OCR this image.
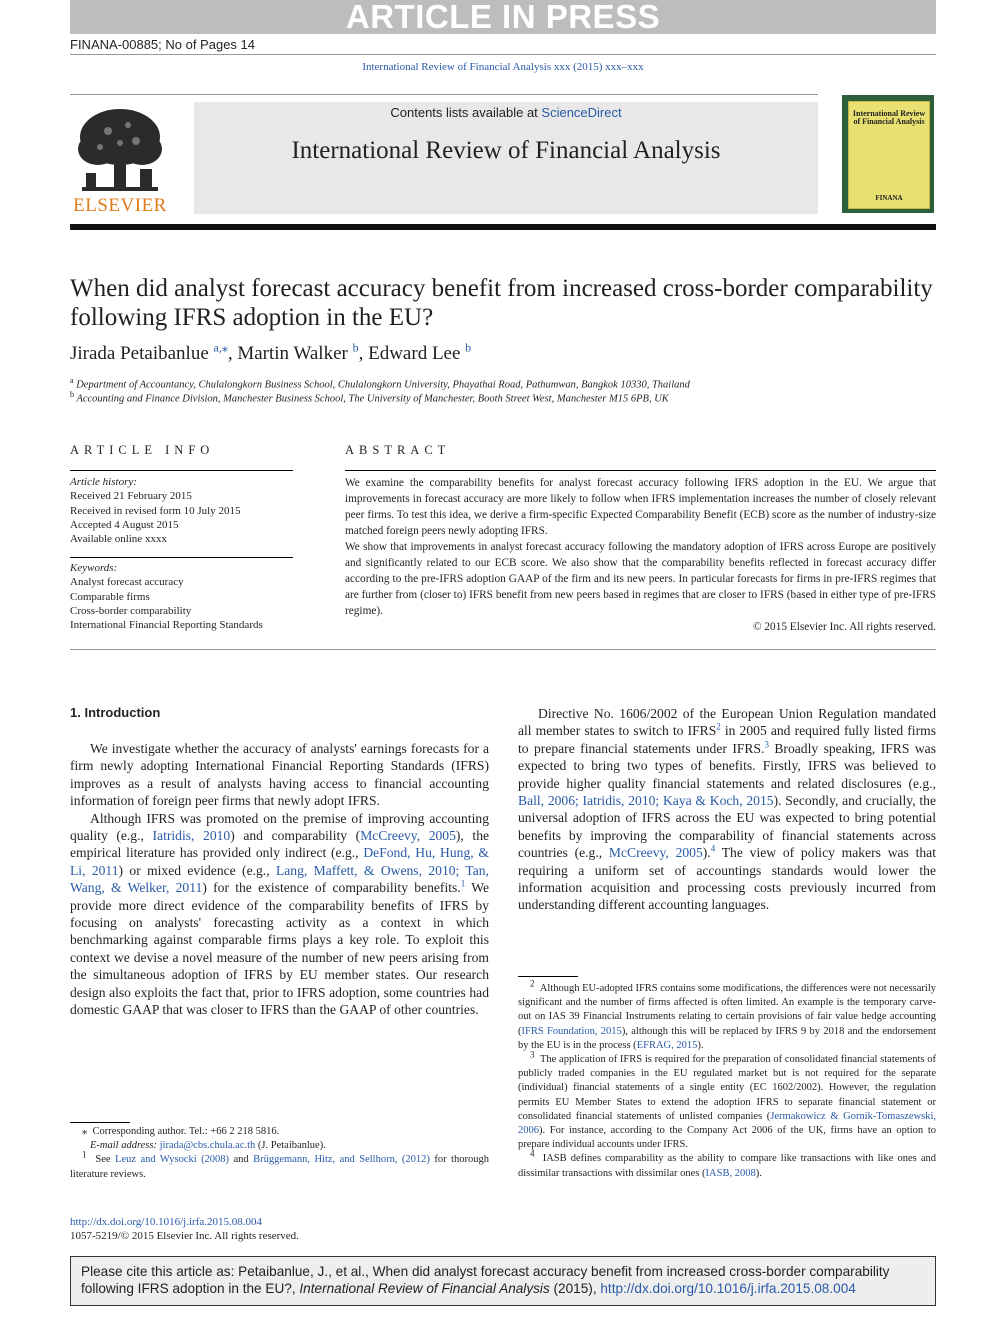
ARTICLE IN PRESS
FINANA-00885; No of Pages 14
International Review of Financial Analysis xxx (2015) xxx–xxx
ELSEVIER
Contents lists available at ScienceDirect
International Review of Financial Analysis
International Review of Financial Analysis
FINANA
When did analyst forecast accuracy benefit from increased cross-border comparability following IFRS adoption in the EU?
Jirada Petaibanlue $^{a,⁎}$, Martin Walker $^b$, Edward Lee $^b$
$^a$ Department of Accountancy, Chulalongkorn Business School, Chulalongkorn University, Phayathai Road, Pathumwan, Bangkok 10330, Thailand
$^b$ Accounting and Finance Division, Manchester Business School, The University of Manchester, Booth Street West, Manchester M15 6PB, UK
ARTICLE INFO	ABSTRACT
Article history:
Received 21 February 2015
Received in revised form 10 July 2015
Accepted 4 August 2015
Available online xxxx
Keywords:
Analyst forecast accuracy
Comparable firms
Cross-border comparability
International Financial Reporting Standards

We examine the comparability benefits for analyst forecast accuracy following IFRS adoption in the EU. We argue that improvements in forecast accuracy are more likely to follow when IFRS implementation increases the number of closely relevant peer firms. To test this idea, we derive a firm-specific Expected Comparability Benefit (ECB) score as the number of industry-size matched foreign peers newly adopting IFRS.

We show that improvements in analyst forecast accuracy following the mandatory adoption of IFRS across Europe are positively and significantly related to our ECB score. We also show that the comparability benefits reflected in forecast accuracy differ according to the pre-IFRS adoption GAAP of the firm and its new peers. In particular forecasts for firms in pre-IFRS regimes that are further from (closer to) IFRS benefit from new peers based in regimes that are closer to IFRS (based in either type of pre-IFRS regime).

© 2015 Elsevier Inc. All rights reserved.

1. Introduction

We investigate whether the accuracy of analysts' earnings forecasts for a firm newly adopting International Financial Reporting Standards (IFRS) improves as a result of analysts having access to financial accounting information of foreign peer firms that newly adopt IFRS.

Although IFRS was promoted on the premise of improving accounting quality (e.g., Iatridis, 2010) and comparability (McCreevy, 2005), the empirical literature has provided only indirect (e.g., DeFond, Hu, Hung, & Li, 2011) or mixed evidence (e.g., Lang, Maffett, & Owens, 2010; Tan, Wang, & Welker, 2011) for the existence of comparability benefits.$^1$ We provide more direct evidence of the comparability benefits of IFRS by focusing on analysts' forecasting activity as a context in which benchmarking against comparable firms plays a key role. To exploit this context we devise a novel measure of the number of new peers arising from the simultaneous adoption of IFRS by EU member states. Our research design also exploits the fact that, prior to IFRS adoption, some countries had domestic GAAP that was closer to IFRS than the GAAP of other countries.

Directive No. 1606/2002 of the European Union Regulation mandated all member states to switch to IFRS$^2$ in 2005 and required fully listed firms to prepare financial statements under IFRS.$^3$ Broadly speaking, IFRS was expected to bring two types of benefits. Firstly, IFRS was believed to provide higher quality financial statements and related disclosures (e.g., Ball, 2006; Iatridis, 2010; Kaya & Koch, 2015). Secondly, and crucially, the universal adoption of IFRS across the EU was expected to bring potential benefits by improving the comparability of financial statements across countries (e.g., McCreevy, 2005).$^4$ The view of policy makers was that requiring a uniform set of accountings standards would lower the information acquisition and processing costs previously incurred from understanding different accounting languages.

⁎ Corresponding author. Tel.: +66 2 218 5816.

E-mail address: jirada@cbs.chula.ac.th (J. Petaibanlue).

$^1$ See Leuz and Wysocki (2008) and Brüggemann, Hitz, and Sellhorn, (2012) for thorough literature reviews.

$^2$ Although EU-adopted IFRS contains some modifications, the differences were not necessarily significant and the number of firms affected is often limited. An example is the temporary carve-out on IAS 39 Financial Instruments relating to certain provisions of fair value hedge accounting (IFRS Foundation, 2015), although this will be replaced by IFRS 9 by 2018 and the endorsement by the EU is in the process (EFRAG, 2015).

$^3$ The application of IFRS is required for the preparation of consolidated financial statements of publicly traded companies in the EU regulated market but is not required for the separate (individual) financial statements of a single entity (EC 1602/2002). However, the regulation permits EU Member States to extend the adoption IFRS to separate financial statement or consolidated financial statements of unlisted companies (Jermakowicz & Gornik-Tomaszewski, 2006). For instance, according to the Company Act 2006 of the UK, firms have an option to prepare individual accounts under IFRS.

$^4$ IASB defines comparability as the ability to compare like transactions with like ones and dissimilar transactions with dissimilar ones (IASB, 2008).

http://dx.doi.org/10.1016/j.irfa.2015.08.004
1057-5219/© 2015 Elsevier Inc. All rights reserved.
Please cite this article as: Petaibanlue, J., et al., When did analyst forecast accuracy benefit from increased cross-border comparability following IFRS adoption in the EU?, International Review of Financial Analysis (2015), http://dx.doi.org/10.1016/j.irfa.2015.08.004
